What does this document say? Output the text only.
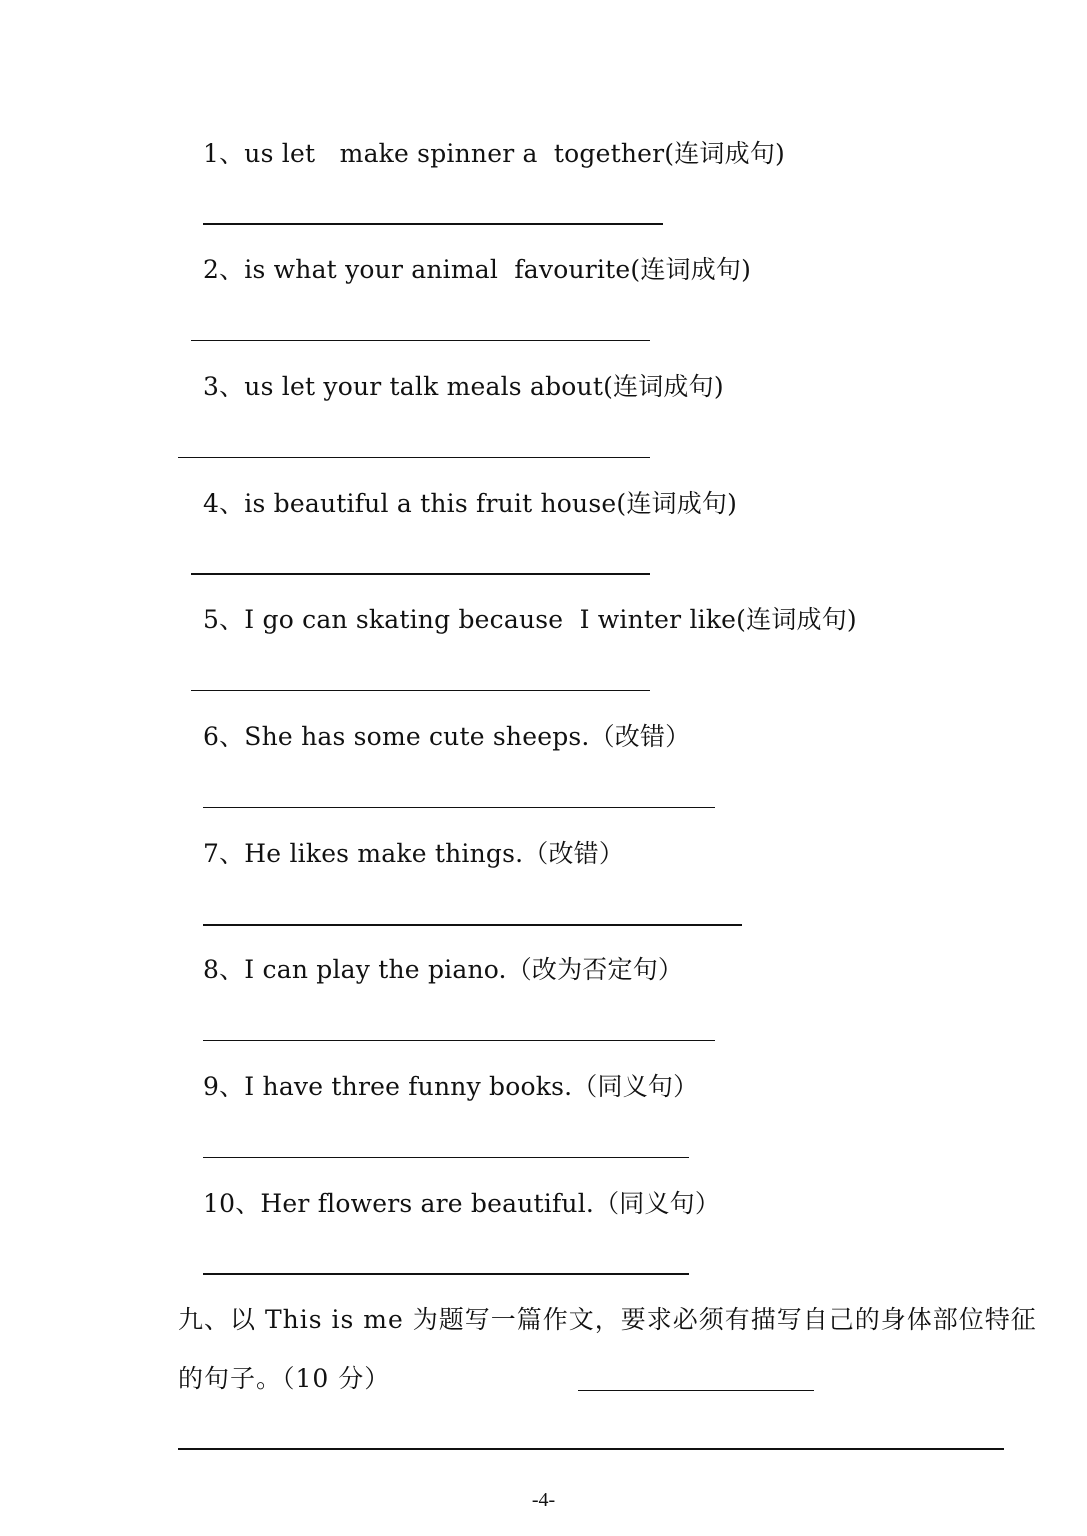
1、us let   make spinner a  together(连词成句)
2、is what your animal  favourite(连词成句)
3、us let your talk meals about(连词成句)
4、is beautiful a this fruit house(连词成句)
5、I go can skating because  I winter like(连词成句)
6、She has some cute sheeps.（改错）
7、He likes make things.（改错）
8、I can play the piano.（改为否定句）
9、I have three funny books.（同义句）
10、Her flowers are beautiful.（同义句）
九、以 This is me 为题写一篇作文，要求必须有描写自己的身体部位特征
的句子。（10 分）
-4-
